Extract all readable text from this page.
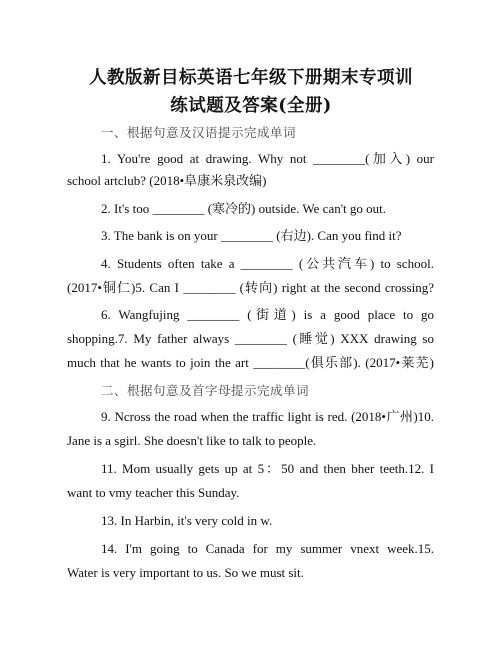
人教版新目标英语七年级下册期末专项训
练试题及答案(全册)
一、根据句意及汉语提示完成单词
1. You're good at drawing. Why not ________(加入) our
school artclub? (2018•阜康米泉改编)
2. It's too ________ (寒冷的) outside. We can't go out.
3. The bank is on your ________ (右边). Can you find it?
4. Students often take a ________ (公共汽车) to school.
(2017•铜仁)5. Can I ________ (转向) right at the second crossing?
6. Wangfujing ________ (街道) is a good place to go
shopping.7. My father always ________ (睡觉) XXX drawing so
much that he wants to join the art ________(俱乐部). (2017•莱芜)
二、根据句意及首字母提示完成单词
9. Ncross the road when the traffic light is red. (2018•广州)10.
Jane is a sgirl. She doesn't like to talk to people.
11. Mom usually gets up at 5：50 and then bher teeth.12. I
want to vmy teacher this Sunday.
13. In Harbin, it's very cold in w.
14. I'm going to Canada for my summer vnext week.15.
Water is very important to us. So we must sit.
